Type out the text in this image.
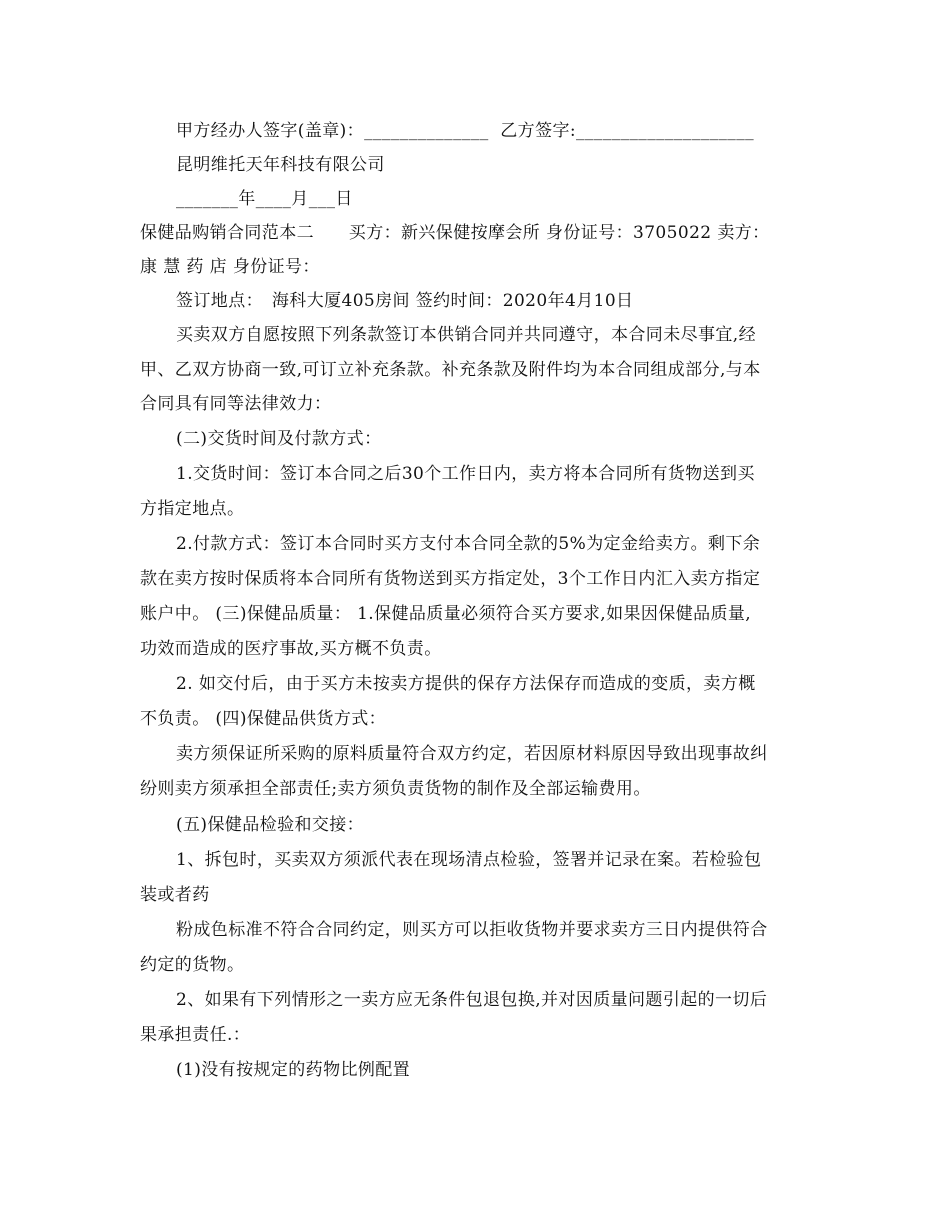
甲方经办人签字(盖章)：______________  乙方签字:____________________
昆明维托天年科技有限公司
_______年____月___日
保健品购销合同范本二　　买方：新兴保健按摩会所 身份证号：3705022 卖方：
康 慧 药 店 身份证号：
签订地点：　海科大厦405房间 签约时间：2020年4月10日
买卖双方自愿按照下列条款签订本供销合同并共同遵守，本合同未尽事宜,经
甲、乙双方协商一致,可订立补充条款。补充条款及附件均为本合同组成部分,与本
合同具有同等法律效力：
(二)交货时间及付款方式：
1.交货时间：签订本合同之后30个工作日内，卖方将本合同所有货物送到买
方指定地点。
2.付款方式：签订本合同时买方支付本合同全款的5%为定金给卖方。剩下余
款在卖方按时保质将本合同所有货物送到买方指定处，3个工作日内汇入卖方指定
账户中。 (三)保健品质量： 1.保健品质量必须符合买方要求,如果因保健品质量,
功效而造成的医疗事故,买方概不负责。
2. 如交付后，由于买方未按卖方提供的保存方法保存而造成的变质，卖方概
不负责。 (四)保健品供货方式：
卖方须保证所采购的原料质量符合双方约定，若因原材料原因导致出现事故纠
纷则卖方须承担全部责任;卖方须负责货物的制作及全部运输费用。
(五)保健品检验和交接：
1、拆包时，买卖双方须派代表在现场清点检验，签署并记录在案。若检验包
装或者药
粉成色标准不符合合同约定，则买方可以拒收货物并要求卖方三日内提供符合
约定的货物。
2、如果有下列情形之一卖方应无条件包退包换,并对因质量问题引起的一切后
果承担责任.：
(1)没有按规定的药物比例配置
